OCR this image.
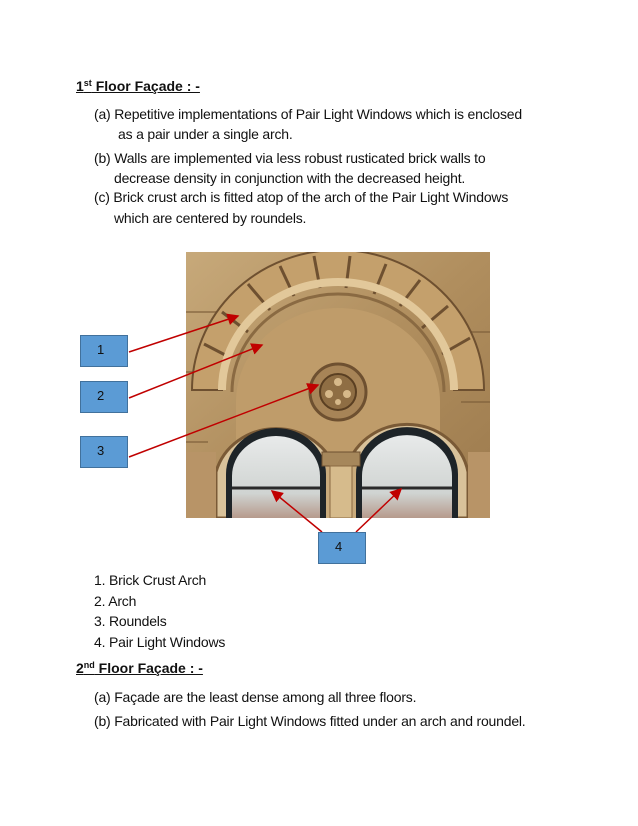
1st Floor Façade : -
(a) Repetitive implementations of Pair Light Windows which is enclosed
as a pair under a single arch.
(b) Walls are implemented via less robust rusticated brick walls to
decrease density in conjunction with the decreased height.
(c) Brick crust arch is fitted atop of the arch of the Pair Light Windows
which are centered by roundels.
1
2
3
4
1. Brick Crust Arch
2. Arch
3. Roundels
4. Pair Light Windows
2nd Floor Façade : -
(a) Façade are the least dense among all three floors.
(b) Fabricated with Pair Light Windows fitted under an arch and roundel.
